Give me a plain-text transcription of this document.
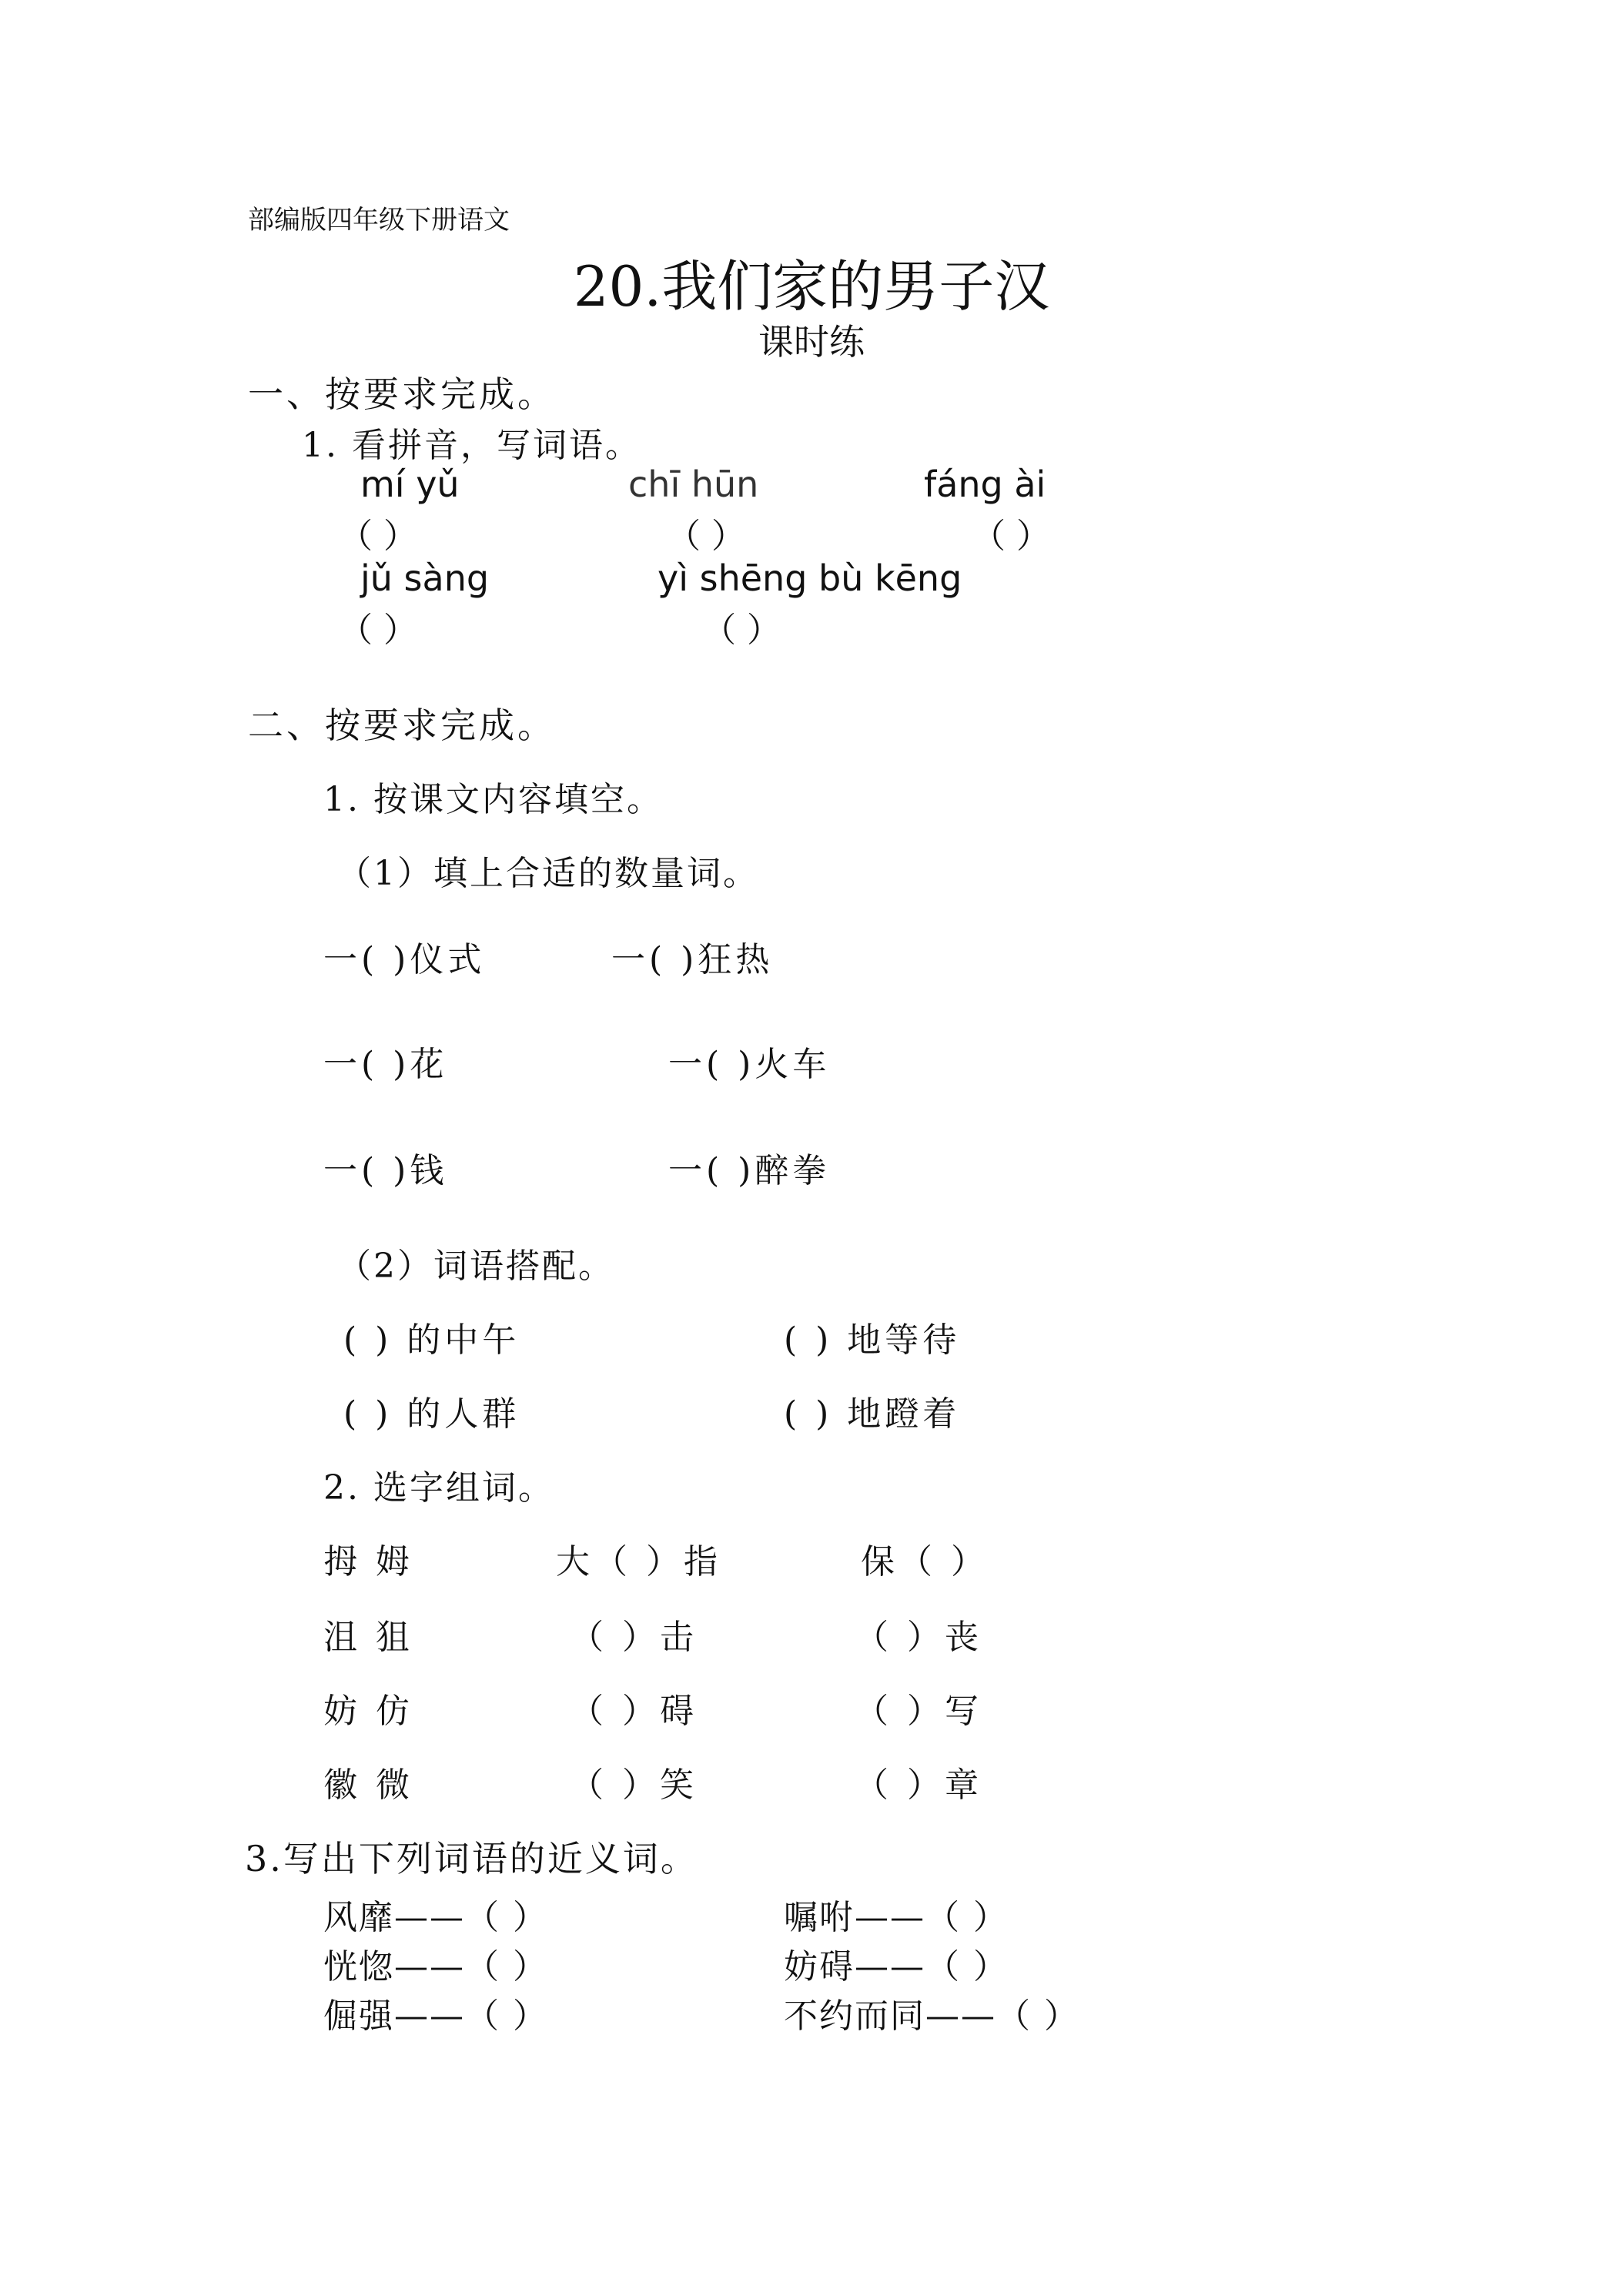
部编版四年级下册语文
20.我们家的男子汉
课时练
一、按要求完成。
1. 看拼音，写词语。
mí yǔ	chī hūn	fáng ài
（ ）	（ ）	（ ）
jǔ sàng	yì shēng bù kēng
（ ）	（ ）
二、按要求完成。
1. 按课文内容填空。
（1）填上合适的数量词。
一( )仪式	一( )狂热
一( )花	一( )火车
一( )钱	一( )醉拳
（2）词语搭配。
( ) 的中午	( ) 地等待
( ) 的人群	( ) 地蹬着
2. 选字组词。
拇 姆	大（ ）指	保（ ）
沮 狙	（ ）击	（ ）丧
妨 仿	（ ）碍	（ ）写
徽 微	（ ）笑	（ ）章
3.写出下列词语的近义词。
风靡——（ ）	嘱咐——（ ）
恍惚——（ ）	妨碍——（ ）
倔强——（ ）	不约而同——（ ）
